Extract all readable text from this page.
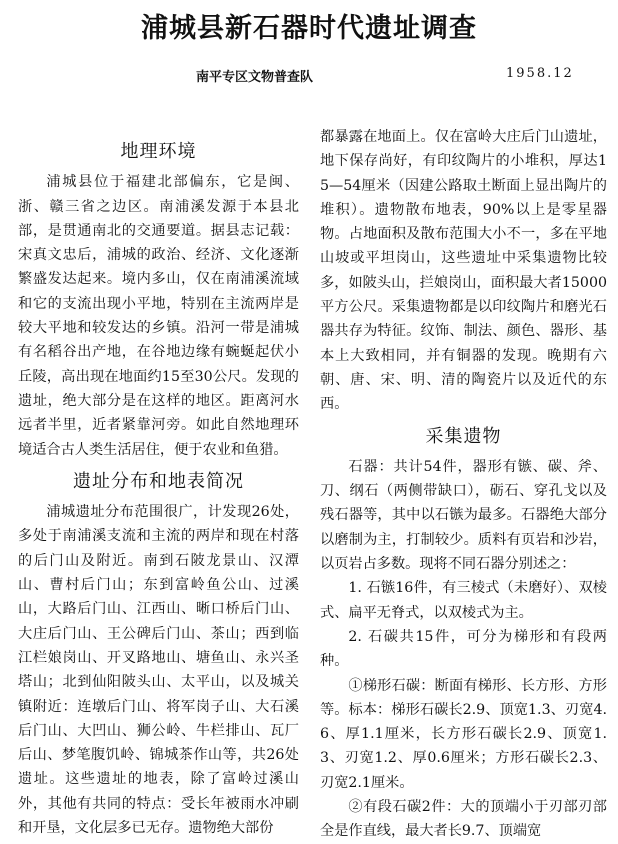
浦城县新石器时代遗址调查
南平专区文物普查队	1958.12
地理环境

浦城县位于福建北部偏东，它是闽、浙、赣三省之边区。南浦溪发源于本县北部，是贯通南北的交通要道。据县志记载：宋真文忠后，浦城的政治、经济、文化逐渐繁盛发达起来。境内多山，仅在南浦溪流域和它的支流出现小平地，特别在主流两岸是较大平地和较发达的乡镇。沿河一带是浦城有名稻谷出产地，在谷地边缘有蜿蜒起伏小丘陵，高出现在地面约15至30公尺。发现的遗址，绝大部分是在这样的地区。距离河水远者半里，近者紧靠河旁。如此自然地理环境适合古人类生活居住，便于农业和鱼猎。

遗址分布和地表简况

浦城遗址分布范围很广，计发现26处，多处于南浦溪支流和主流的两岸和现在村落的后门山及附近。南到石陂龙景山、汉潭山、曹村后门山；东到富岭鱼公山、过溪山，大路后门山、江西山、晰口桥后门山、大庄后门山、王公碑后门山、茶山；西到临江栏娘岗山、开叉路地山、塘鱼山、永兴圣塔山；北到仙阳陂头山、太平山，以及城关镇附近：连墩后门山、将军岗子山、大石溪后门山、大凹山、狮公岭、牛栏排山、瓦厂后山、梦笔腹饥岭、锦城茶作山等，共26处遗址。这些遗址的地表，除了富岭过溪山外，其他有共同的特点：受长年被雨水冲刷和开垦，文化层多已无存。遗物绝大部份

都暴露在地面上。仅在富岭大庄后门山遗址，地下保存尚好，有印纹陶片的小堆积，厚达15—54厘米（因建公路取土断面上显出陶片的堆积）。遗物散布地表，90%以上是零星器物。占地面积及散布范围大小不一，多在平地山坡或平坦岗山，这些遗址中采集遗物比较多，如陂头山，拦娘岗山，面积最大者15000平方公尺。采集遗物都是以印纹陶片和磨光石器共存为特征。纹饰、制法、颜色、器形、基本上大致相同，并有铜器的发现。晚期有六朝、唐、宋、明、清的陶瓷片以及近代的东西。

采集遗物

石器：共计54件，器形有镞、碳、斧、刀、纲石（两侧带缺口），砺石、穿孔戈以及残石器等，其中以石镞为最多。石器绝大部分以磨制为主，打制较少。质料有页岩和沙岩，以页岩占多数。现将不同石器分别述之：

1. 石镞16件，有三棱式（未磨好）、双棱式、扁平无脊式，以双棱式为主。

2. 石碳共15件，可分为梯形和有段两种。

①梯形石碳：断面有梯形、长方形、方形等。标本：梯形石碳长2.9、顶宽1.3、刃宽4.6、厚1.1厘米，长方形石碳长2.9、顶宽1.3、刃宽1.2、厚0.6厘米；方形石碳长2.3、刃宽2.1厘米。

②有段石碳2件：大的顶端小于刃部刃部全是作直线，最大者长9.7、顶端宽
